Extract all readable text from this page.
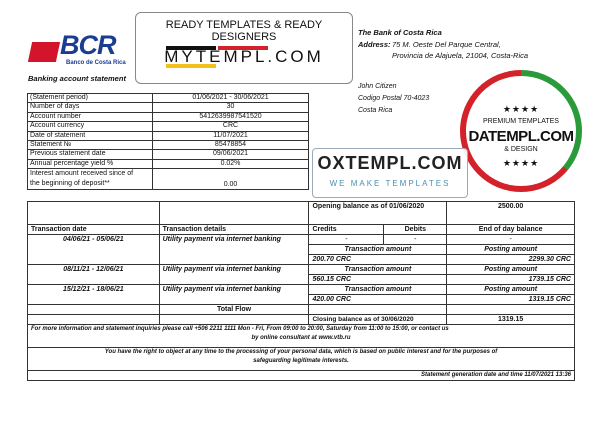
BCR
Banco de Costa Rica
Banking account statement
READY TEMPLATES & READY DESIGNERS
MYTEMPL.COM
The Bank of Costa Rica
Address: 75 M. Oeste Del Parque Central,
Provincia de Alajuela, 21004, Costa-Rica
John Citizen
Codigo Postal 70-4023
Costa Rica	★★★★
PREMIUM TEMPLATES
DATEMPL.COM
& DESIGN
★★★★
(Statement period)	01/06/2021 - 30/06/2021
Number of days	30
Account number	5412639987541520
Account currency	CRC
Date of statement	11/07/2021
Statement №	85478854
Previous statement date	09/06/2021
Annual percentage yield %	0.02%

Interest amount received since of
the beginning of deposit**	0.00
OXTEMPL.COM
WE MAKE TEMPLATES
		Opening balance as of 01/06/2020		2500.00
Transaction date	Transaction details	Credits	Debits	End of day balance
04/06/21 - 05/06/21	Utility payment via internet banking	-	-	-
		Transaction amount		Posting amount
		200.70 CRC		2299.30 CRC
08/11/21 - 12/06/21	Utility payment via internet banking	Transaction amount		Posting amount
		560.15 CRC		1739.15 CRC
15/12/21 - 18/06/21	Utility payment via internet banking	Transaction amount		Posting amount
		420.00 CRC		1319.15 CRC
	Total Flow			
		Closing balance as of 30/06/2020		1319.15

For more information and statement inquiries please call +506 2211 1111 Mon - Fri, From 09:00 to 20:00, Saturday from 11:00 to 15:00, or contact us
by online consultant at www.vtb.ru				

You have the right to object at any time to the processing of your personal data, which is based on public interest and for the purposes of
safeguarding legitimate interests.				

Statement generation date and time 11/07/2021 13:36				
